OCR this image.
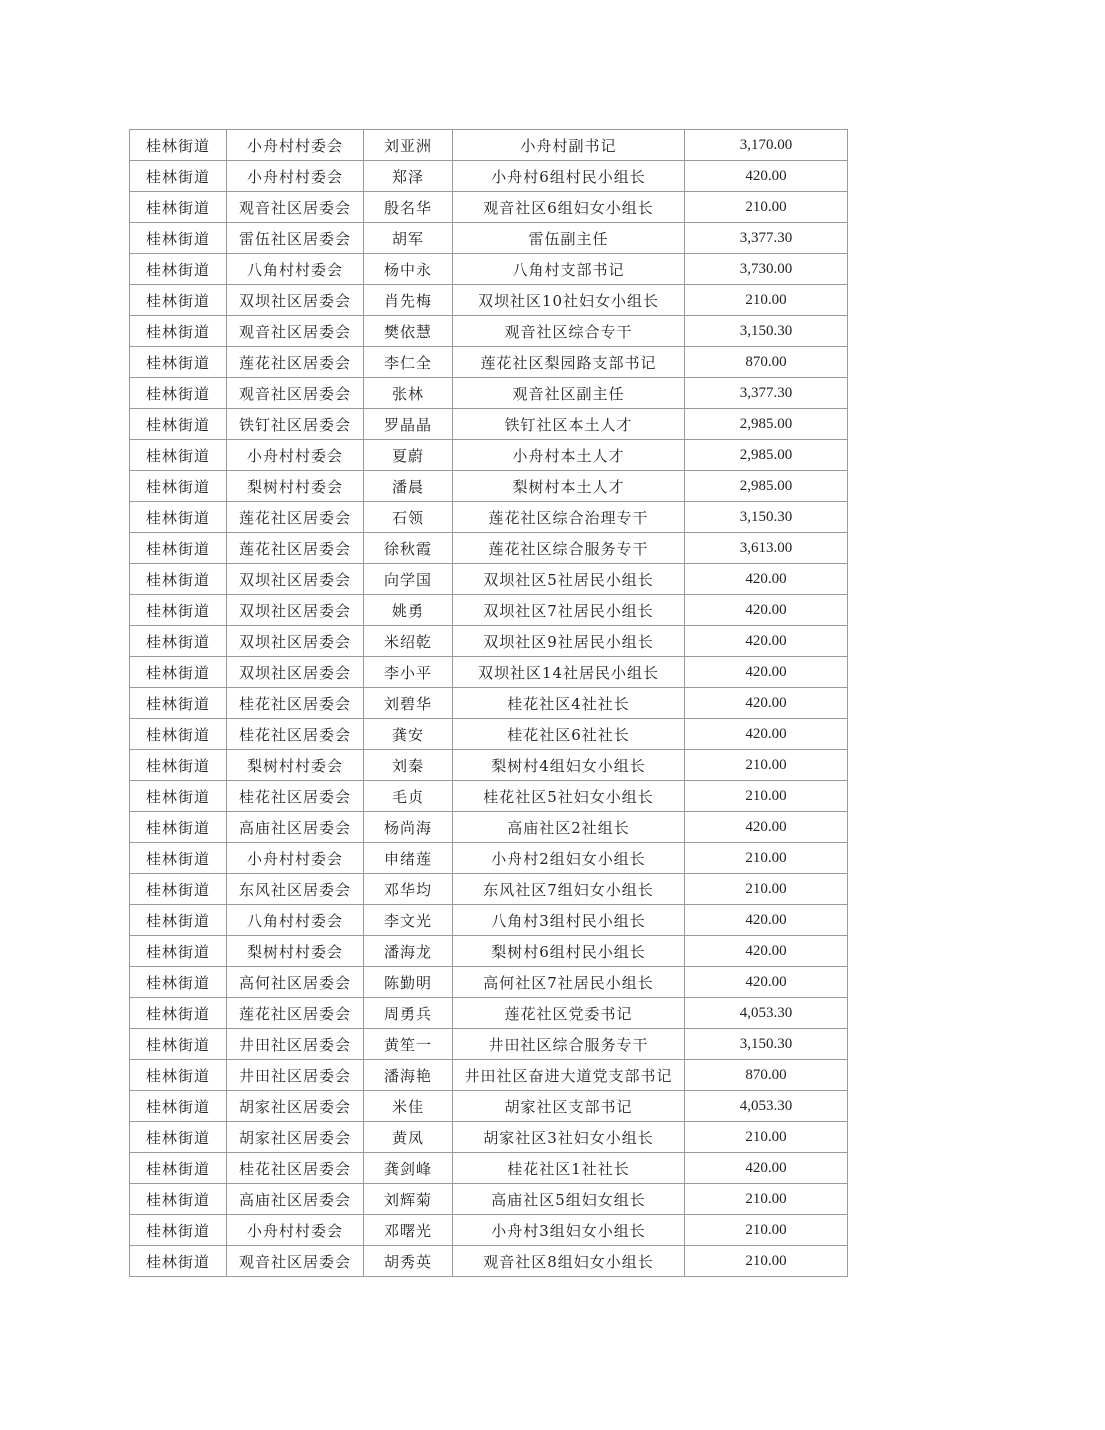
桂林街道	小舟村村委会	刘亚洲	小舟村副书记	3,170.00
桂林街道	小舟村村委会	郑泽	小舟村6组村民小组长	420.00
桂林街道	观音社区居委会	殷名华	观音社区6组妇女小组长	210.00
桂林街道	雷伍社区居委会	胡军	雷伍副主任	3,377.30
桂林街道	八角村村委会	杨中永	八角村支部书记	3,730.00
桂林街道	双坝社区居委会	肖先梅	双坝社区10社妇女小组长	210.00
桂林街道	观音社区居委会	樊依慧	观音社区综合专干	3,150.30
桂林街道	莲花社区居委会	李仁全	莲花社区梨园路支部书记	870.00
桂林街道	观音社区居委会	张林	观音社区副主任	3,377.30
桂林街道	铁钉社区居委会	罗晶晶	铁钉社区本土人才	2,985.00
桂林街道	小舟村村委会	夏蔚	小舟村本土人才	2,985.00
桂林街道	梨树村村委会	潘晨	梨树村本土人才	2,985.00
桂林街道	莲花社区居委会	石领	莲花社区综合治理专干	3,150.30
桂林街道	莲花社区居委会	徐秋霞	莲花社区综合服务专干	3,613.00
桂林街道	双坝社区居委会	向学国	双坝社区5社居民小组长	420.00
桂林街道	双坝社区居委会	姚勇	双坝社区7社居民小组长	420.00
桂林街道	双坝社区居委会	米绍乾	双坝社区9社居民小组长	420.00
桂林街道	双坝社区居委会	李小平	双坝社区14社居民小组长	420.00
桂林街道	桂花社区居委会	刘碧华	桂花社区4社社长	420.00
桂林街道	桂花社区居委会	龚安	桂花社区6社社长	420.00
桂林街道	梨树村村委会	刘秦	梨树村4组妇女小组长	210.00
桂林街道	桂花社区居委会	毛贞	桂花社区5社妇女小组长	210.00
桂林街道	高庙社区居委会	杨尚海	高庙社区2社组长	420.00
桂林街道	小舟村村委会	申绪莲	小舟村2组妇女小组长	210.00
桂林街道	东风社区居委会	邓华均	东风社区7组妇女小组长	210.00
桂林街道	八角村村委会	李文光	八角村3组村民小组长	420.00
桂林街道	梨树村村委会	潘海龙	梨树村6组村民小组长	420.00
桂林街道	高何社区居委会	陈勤明	高何社区7社居民小组长	420.00
桂林街道	莲花社区居委会	周勇兵	莲花社区党委书记	4,053.30
桂林街道	井田社区居委会	黄笙一	井田社区综合服务专干	3,150.30
桂林街道	井田社区居委会	潘海艳	井田社区奋进大道党支部书记	870.00
桂林街道	胡家社区居委会	米佳	胡家社区支部书记	4,053.30
桂林街道	胡家社区居委会	黄凤	胡家社区3社妇女小组长	210.00
桂林街道	桂花社区居委会	龚剑峰	桂花社区1社社长	420.00
桂林街道	高庙社区居委会	刘辉菊	高庙社区5组妇女组长	210.00
桂林街道	小舟村村委会	邓曙光	小舟村3组妇女小组长	210.00
桂林街道	观音社区居委会	胡秀英	观音社区8组妇女小组长	210.00
